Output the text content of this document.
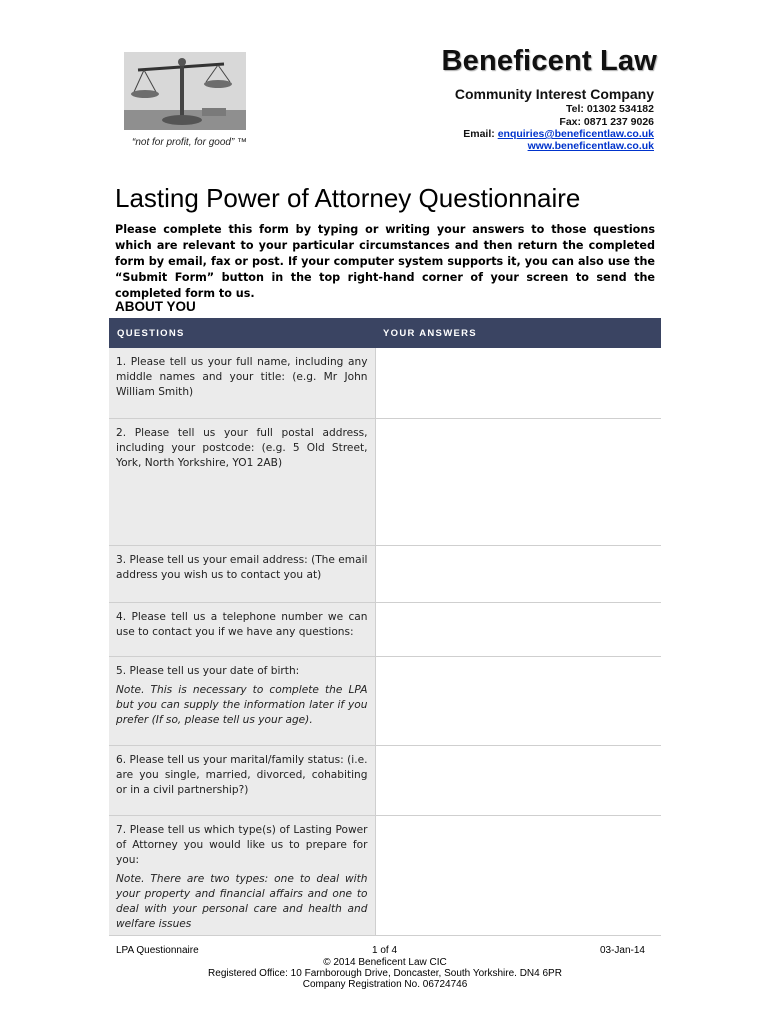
“not for profit, for good” ™
Beneficent Law
Community Interest Company
Tel: 01302 534182
Fax: 0871 237 9026
Email: enquiries@beneficentlaw.co.uk
www.beneficentlaw.co.uk
Lasting Power of Attorney Questionnaire
Please complete this form by typing or writing your answers to those questions which are relevant to your particular circumstances and then return the completed form by email, fax or post. If your computer system supports it, you can also use the “Submit Form” button in the top right-hand corner of your screen to send the completed form to us.
ABOUT YOU
QUESTIONS	YOUR ANSWERS

1. Please tell us your full name, including any middle names and your title: (e.g. Mr John William Smith)	

2. Please tell us your full postal address, including your postcode: (e.g. 5 Old Street, York, North Yorkshire, YO1 2AB)	

3. Please tell us your email address: (The email address you wish us to contact you at)	

4. Please tell us a telephone number we can use to contact you if we have any questions:	

5. Please tell us your date of birth:

Note. This is necessary to complete the LPA but you can supply the information later if you prefer (If so, please tell us your age).	

6. Please tell us your marital/family status: (i.e. are you single, married, divorced, cohabiting or in a civil partnership?)	

7. Please tell us which type(s) of Lasting Power of Attorney you would like us to prepare for you:

Note. There are two types: one to deal with your property and financial affairs and one to deal with your personal care and health and welfare issues	

LPA Questionnaire	1 of 4	03-Jan-14
© 2014 Beneficent Law CIC
Registered Office: 10 Farnborough Drive, Doncaster, South Yorkshire. DN4 6PR
Company Registration No. 06724746
